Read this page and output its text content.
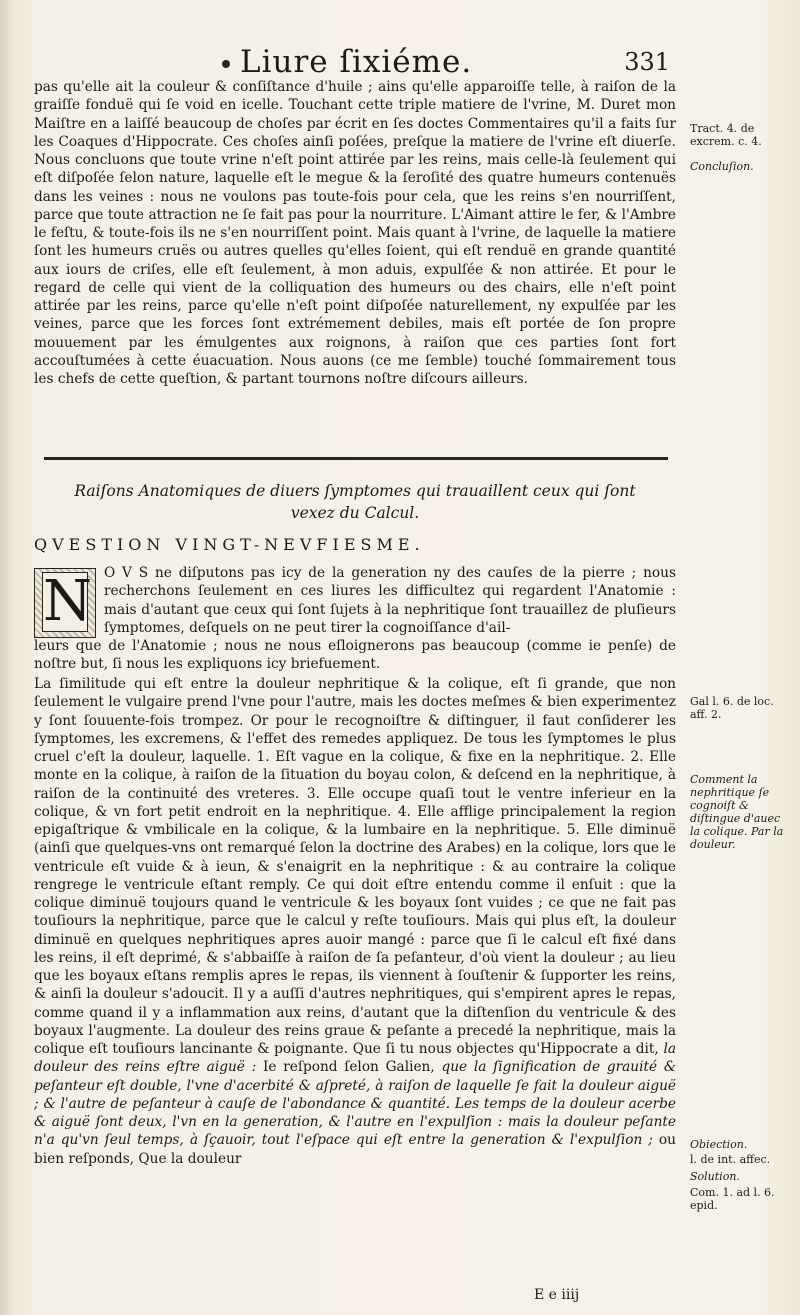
Liure ſixiéme.	331

pas qu'elle ait la couleur & conſiſtance d'huile ; ains qu'elle apparoiſſe telle, à raiſon de la graiſſe fonduë qui ſe void en icelle. Touchant cette triple matiere de l'vrine, M. Duret mon Maiſtre en a laiſſé beaucoup de choſes par écrit en ſes doctes Commentaires qu'il a faits ſur les Coaques d'Hippocrate. Ces choſes ainſi poſées, preſque la matiere de l'vrine eſt diuerſe. Nous concluons que toute vrine n'eſt point attirée par les reins, mais celle-là ſeulement qui eſt diſpoſée ſelon nature, laquelle eſt le megue & la ſeroſité des quatre humeurs contenuës dans les veines : nous ne voulons pas toute-fois pour cela, que les reins s'en nourriſſent, parce que toute attraction ne ſe fait pas pour la nourriture. L'Aimant attire le fer, & l'Ambre le feſtu, & toute-fois ils ne s'en nourriſſent point. Mais quant à l'vrine, de laquelle la matiere ſont les humeurs cruës ou autres quelles qu'elles ſoient, qui eſt renduë en grande quantité aux iours de criſes, elle eſt ſeulement, à mon aduis, expulſée & non attirée. Et pour le regard de celle qui vient de la colliquation des humeurs ou des chairs, elle n'eſt point attirée par les reins, parce qu'elle n'eſt point diſpoſée naturellement, ny expulſée par les veines, parce que les forces ſont extrémement debiles, mais eſt portée de ſon propre mouuement par les émulgentes aux roignons, à raiſon que ces parties ſont fort accouſtumées à cette éuacuation. Nous auons (ce me ſemble) touché ſommairement tous les chefs de cette queſtion, & partant tournons noſtre diſcours ailleurs.

Raiſons Anatomiques de diuers ſymptomes qui trauaillent ceux qui ſont vexez du Calcul.

QVESTION VINGT-NEVFIESME.

N O V S ne diſputons pas icy de la generation ny des cauſes de la pierre ; nous recherchons ſeulement en ces liures les difficultez qui regardent l'Anatomie : mais d'autant que ceux qui ſont ſujets à la nephritique ſont trauaillez de pluſieurs ſymptomes, deſquels on ne peut tirer la cognoiſſance d'ail-

leurs que de l'Anatomie ; nous ne nous eſloignerons pas beaucoup (comme ie penſe) de noſtre but, ſi nous les expliquons icy briefuement.

La ſimilitude qui eſt entre la douleur nephritique & la colique, eſt ſi grande, que non ſeulement le vulgaire prend l'vne pour l'autre, mais les doctes meſmes & bien experimentez y ſont ſouuente-fois trompez. Or pour le recognoiſtre & diſtinguer, il faut conſiderer les ſymptomes, les excremens, & l'effet des remedes appliquez. De tous les ſymptomes le plus cruel c'eſt la douleur, laquelle. 1. Eſt vague en la colique, & fixe en la nephritique. 2. Elle monte en la colique, à raiſon de la ſituation du boyau colon, & deſcend en la nephritique, à raiſon de la continuité des vreteres. 3. Elle occupe quaſi tout le ventre inferieur en la colique, & vn fort petit endroit en la nephritique. 4. Elle afflige principalement la region epigaſtrique & vmbilicale en la colique, & la lumbaire en la nephritique. 5. Elle diminuë (ainſi que quelques-vns ont remarqué ſelon la doctrine des Arabes) en la colique, lors que le ventricule eſt vuide & à ieun, & s'enaigrit en la nephritique : & au contraire la colique rengrege le ventricule eſtant remply. Ce qui doit eſtre entendu comme il enſuit : que la colique diminuë toujours quand le ventricule & les boyaux ſont vuides ; ce que ne fait pas touſiours la nephritique, parce que le calcul y reſte touſiours. Mais qui plus eſt, la douleur diminuë en quelques nephritiques apres auoir mangé : parce que ſi le calcul eſt fixé dans les reins, il eſt deprimé, & s'abbaiſſe à raiſon de ſa peſanteur, d'où vient la douleur ; au lieu que les boyaux eſtans remplis apres le repas, ils viennent à ſouſtenir & ſupporter les reins, & ainſi la douleur s'adoucit. Il y a auſſi d'autres nephritiques, qui s'empirent apres le repas, comme quand il y a inflammation aux reins, d'autant que la diſtenſion du ventricule & des boyaux l'augmente. La douleur des reins graue & peſante a precedé la nephritique, mais la colique eſt touſiours lancinante & poignante. Que ſi tu nous objectes qu'Hippocrate a dit, la douleur des reins eſtre aiguë : Ie reſpond ſelon Galien, que la ſignification de grauité & peſanteur eſt double, l'vne d'acerbité & aſpreté, à raiſon de laquelle ſe fait la douleur aiguë ; & l'autre de peſanteur à cauſe de l'abondance & quantité. Les temps de la douleur acerbe & aiguë ſont deux, l'vn en la generation, & l'autre en l'expulſion : mais la douleur peſante n'a qu'vn ſeul temps, à ſçauoir, tout l'eſpace qui eſt entre la generation & l'expulſion ; ou bien reſponds, Que la douleur

Tract. 4. de excrem. c. 4.
Concluſion.
Gal l. 6. de loc. aff. 2.
Comment la nephritique ſe cognoiſt & diſtingue d'auec la colique. Par la douleur.
Obiection.
l. de int. affec.
Solution.
Com. 1. ad l. 6. epid.
E e iiij
